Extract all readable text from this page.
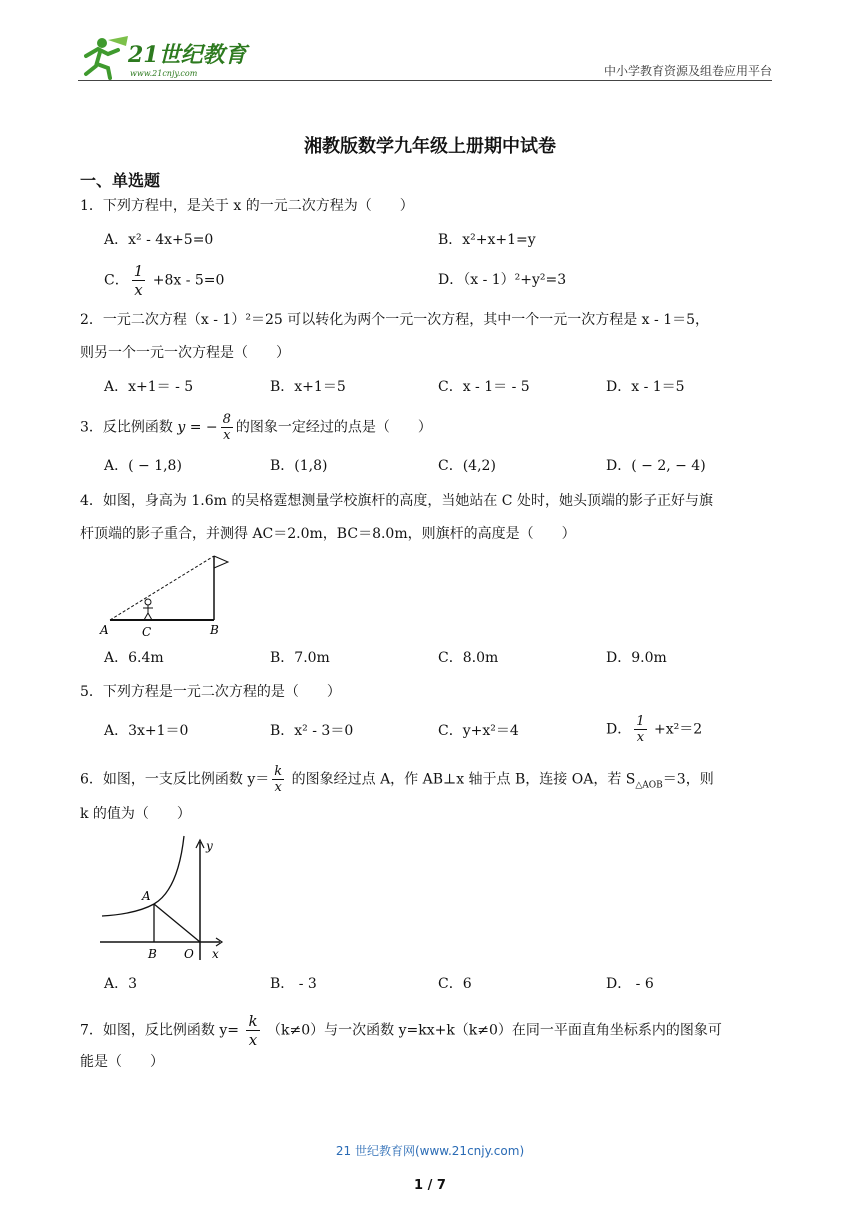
21世纪教育
www.21cnjy.com	中小学教育资源及组卷应用平台
湘教版数学九年级上册期中试卷
一、单选题
1．下列方程中，是关于 x 的一元二次方程为（　　）
A．x² - 4x+5=0	B．x²+x+1=y
C． $\frac{1}{x} +8x - 5=0$	D．（x - 1）²+y²=3
2．一元二次方程（x - 1）²＝25 可以转化为两个一元一次方程，其中一个一元一次方程是 x - 1＝5，
则另一个一元一次方程是（　　）
A．x+1＝ - 5	B．x+1＝5	C．x - 1＝ - 5	D．x - 1＝5
3．反比例函数 y = − $\frac{8}{x}$ 的图象一定经过的点是（　　）
A．( − 1,8)	B．(1,8)	C．(4,2)	D．( − 2, − 4)
4．如图，身高为 1.6m 的吴格霆想测量学校旗杆的高度，当她站在 C 处时，她头顶端的影子正好与旗
杆顶端的影子重合，并测得 AC＝2.0m，BC＝8.0m，则旗杆的高度是（　　）
A	C	B
A．6.4m	B．7.0m	C．8.0m	D．9.0m
5．下列方程是一元二次方程的是（　　）
A．3x+1＝0	B．x² - 3＝0	C．y+x²＝4	D． $\frac{1}{x} +x^2=2$
6．如图，一支反比例函数 $y= \frac{k}{x}$ 的图象经过点 A，作 AB⊥x 轴于点 B，连接 OA，若 $S_{\triangle AOB}=3$，则
k 的值为（　　）
y
A
B O x
A．3	B． - 3	C．6	D． - 6
7．如图，反比例函数 $y= \frac{k}{x} (k\ne 0)$与一次函数 y=kx+k（k≠0）在同一平面直角坐标系内的图象可
能是（　　）
21 世纪教育网(www.21cnjy.com)
1 / 7
